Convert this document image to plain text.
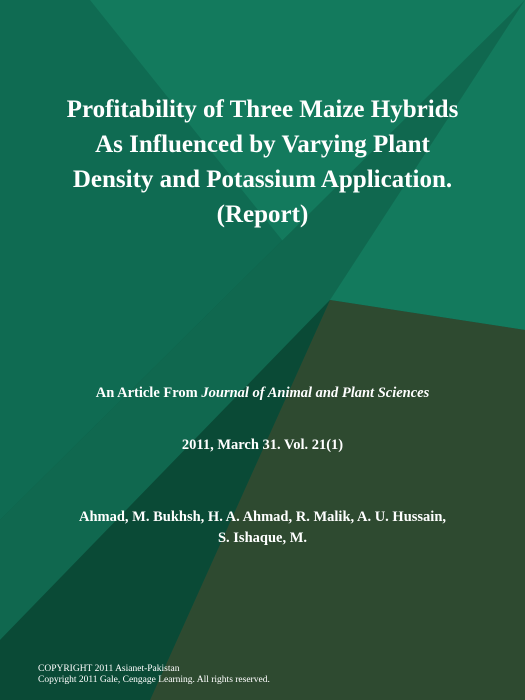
Profitability of Three Maize Hybrids
As Influenced by Varying Plant
Density and Potassium Application.
(Report)
An Article From Journal of Animal and Plant Sciences
2011, March 31. Vol. 21(1)
Ahmad, M. Bukhsh, H. A. Ahmad, R. Malik, A. U. Hussain,
S. Ishaque, M.
COPYRIGHT 2011 Asianet-Pakistan
Copyright 2011 Gale, Cengage Learning. All rights reserved.
